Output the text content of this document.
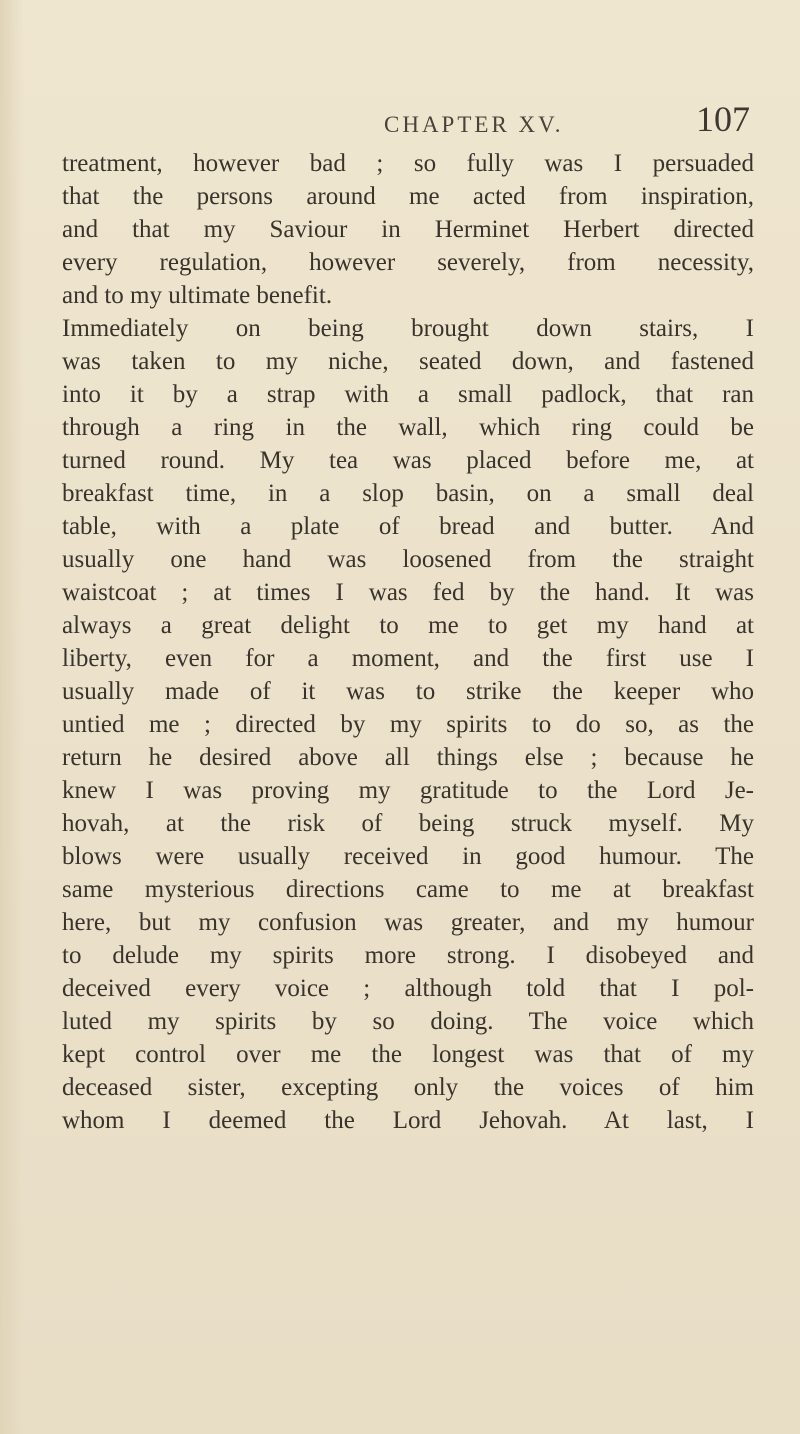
CHAPTER XV.	107
treatment, however bad ; so fully was I persuaded
that the persons around me acted from inspiration,
and that my Saviour in Herminet Herbert directed
every regulation, however severely, from necessity,
and to my ultimate benefit.
Immediately on being brought down stairs, I
was taken to my niche, seated down, and fastened
into it by a strap with a small padlock, that ran
through a ring in the wall, which ring could be
turned round. My tea was placed before me, at
breakfast time, in a slop basin, on a small deal
table, with a plate of bread and butter. And
usually one hand was loosened from the straight
waistcoat ; at times I was fed by the hand. It was
always a great delight to me to get my hand at
liberty, even for a moment, and the first use I
usually made of it was to strike the keeper who
untied me ; directed by my spirits to do so, as the
return he desired above all things else ; because he
knew I was proving my gratitude to the Lord Je-
hovah, at the risk of being struck myself. My
blows were usually received in good humour. The
same mysterious directions came to me at breakfast
here, but my confusion was greater, and my humour
to delude my spirits more strong. I disobeyed and
deceived every voice ; although told that I pol-
luted my spirits by so doing. The voice which
kept control over me the longest was that of my
deceased sister, excepting only the voices of him
whom I deemed the Lord Jehovah. At last, I
